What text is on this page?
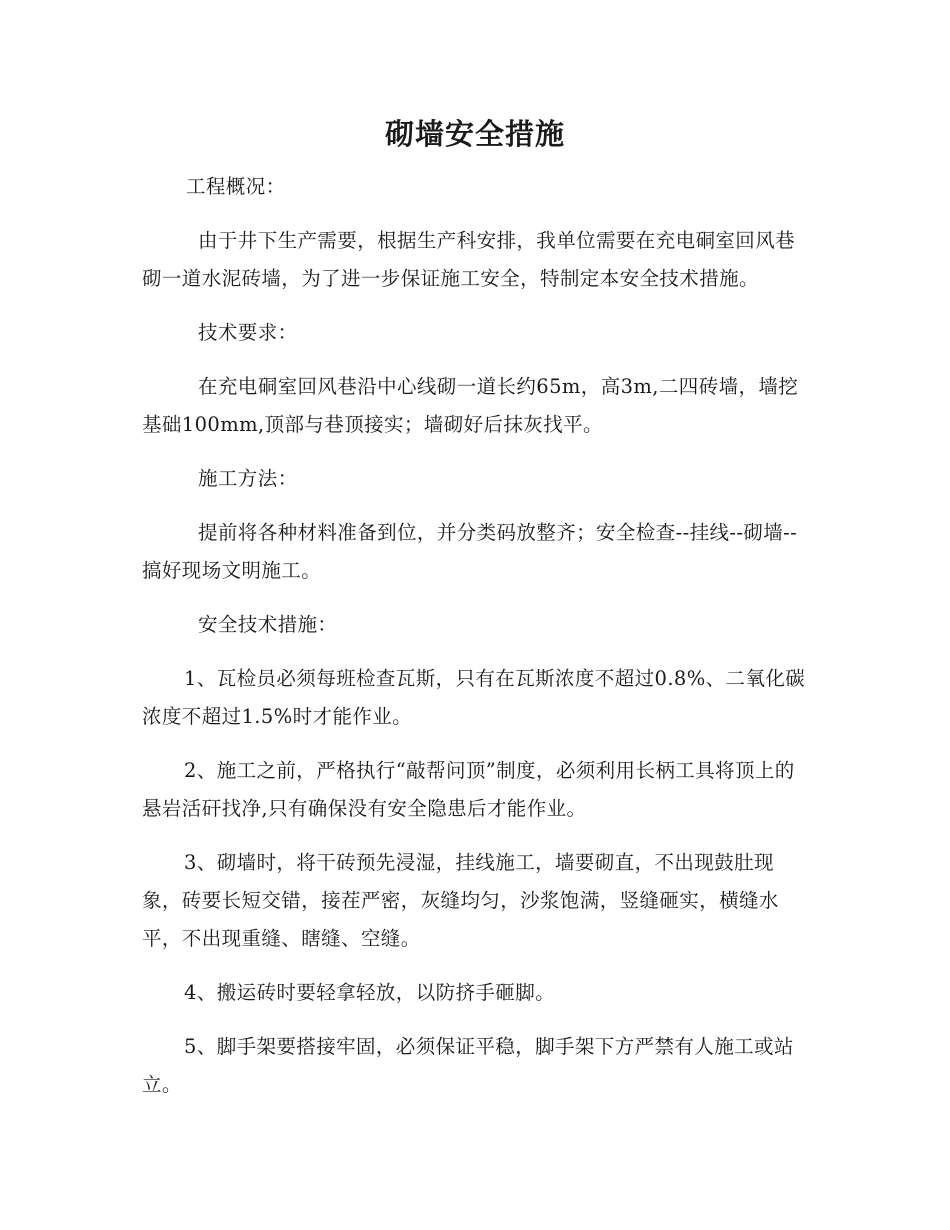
砌墙安全措施

工程概况：

由于井下生产需要，根据生产科安排，我单位需要在充电硐室回风巷砌一道水泥砖墙，为了进一步保证施工安全，特制定本安全技术措施。

技术要求：

在充电硐室回风巷沿中心线砌一道长约65m，高3m,二四砖墙，墙挖基础100mm,顶部与巷顶接实；墙砌好后抹灰找平。

施工方法：

提前将各种材料准备到位，并分类码放整齐；安全检查--挂线--砌墙--搞好现场文明施工。

安全技术措施：

1、瓦检员必须每班检查瓦斯，只有在瓦斯浓度不超过0.8%、二氧化碳浓度不超过1.5%时才能作业。

2、施工之前，严格执行“敲帮问顶”制度，必须利用长柄工具将顶上的悬岩活矸找净,只有确保没有安全隐患后才能作业。

3、砌墙时，将干砖预先浸湿，挂线施工，墙要砌直，不出现鼓肚现象，砖要长短交错，接茬严密，灰缝均匀，沙浆饱满，竖缝砸实，横缝水平，不出现重缝、瞎缝、空缝。

4、搬运砖时要轻拿轻放，以防挤手砸脚。

5、脚手架要搭接牢固，必须保证平稳，脚手架下方严禁有人施工或站立。
